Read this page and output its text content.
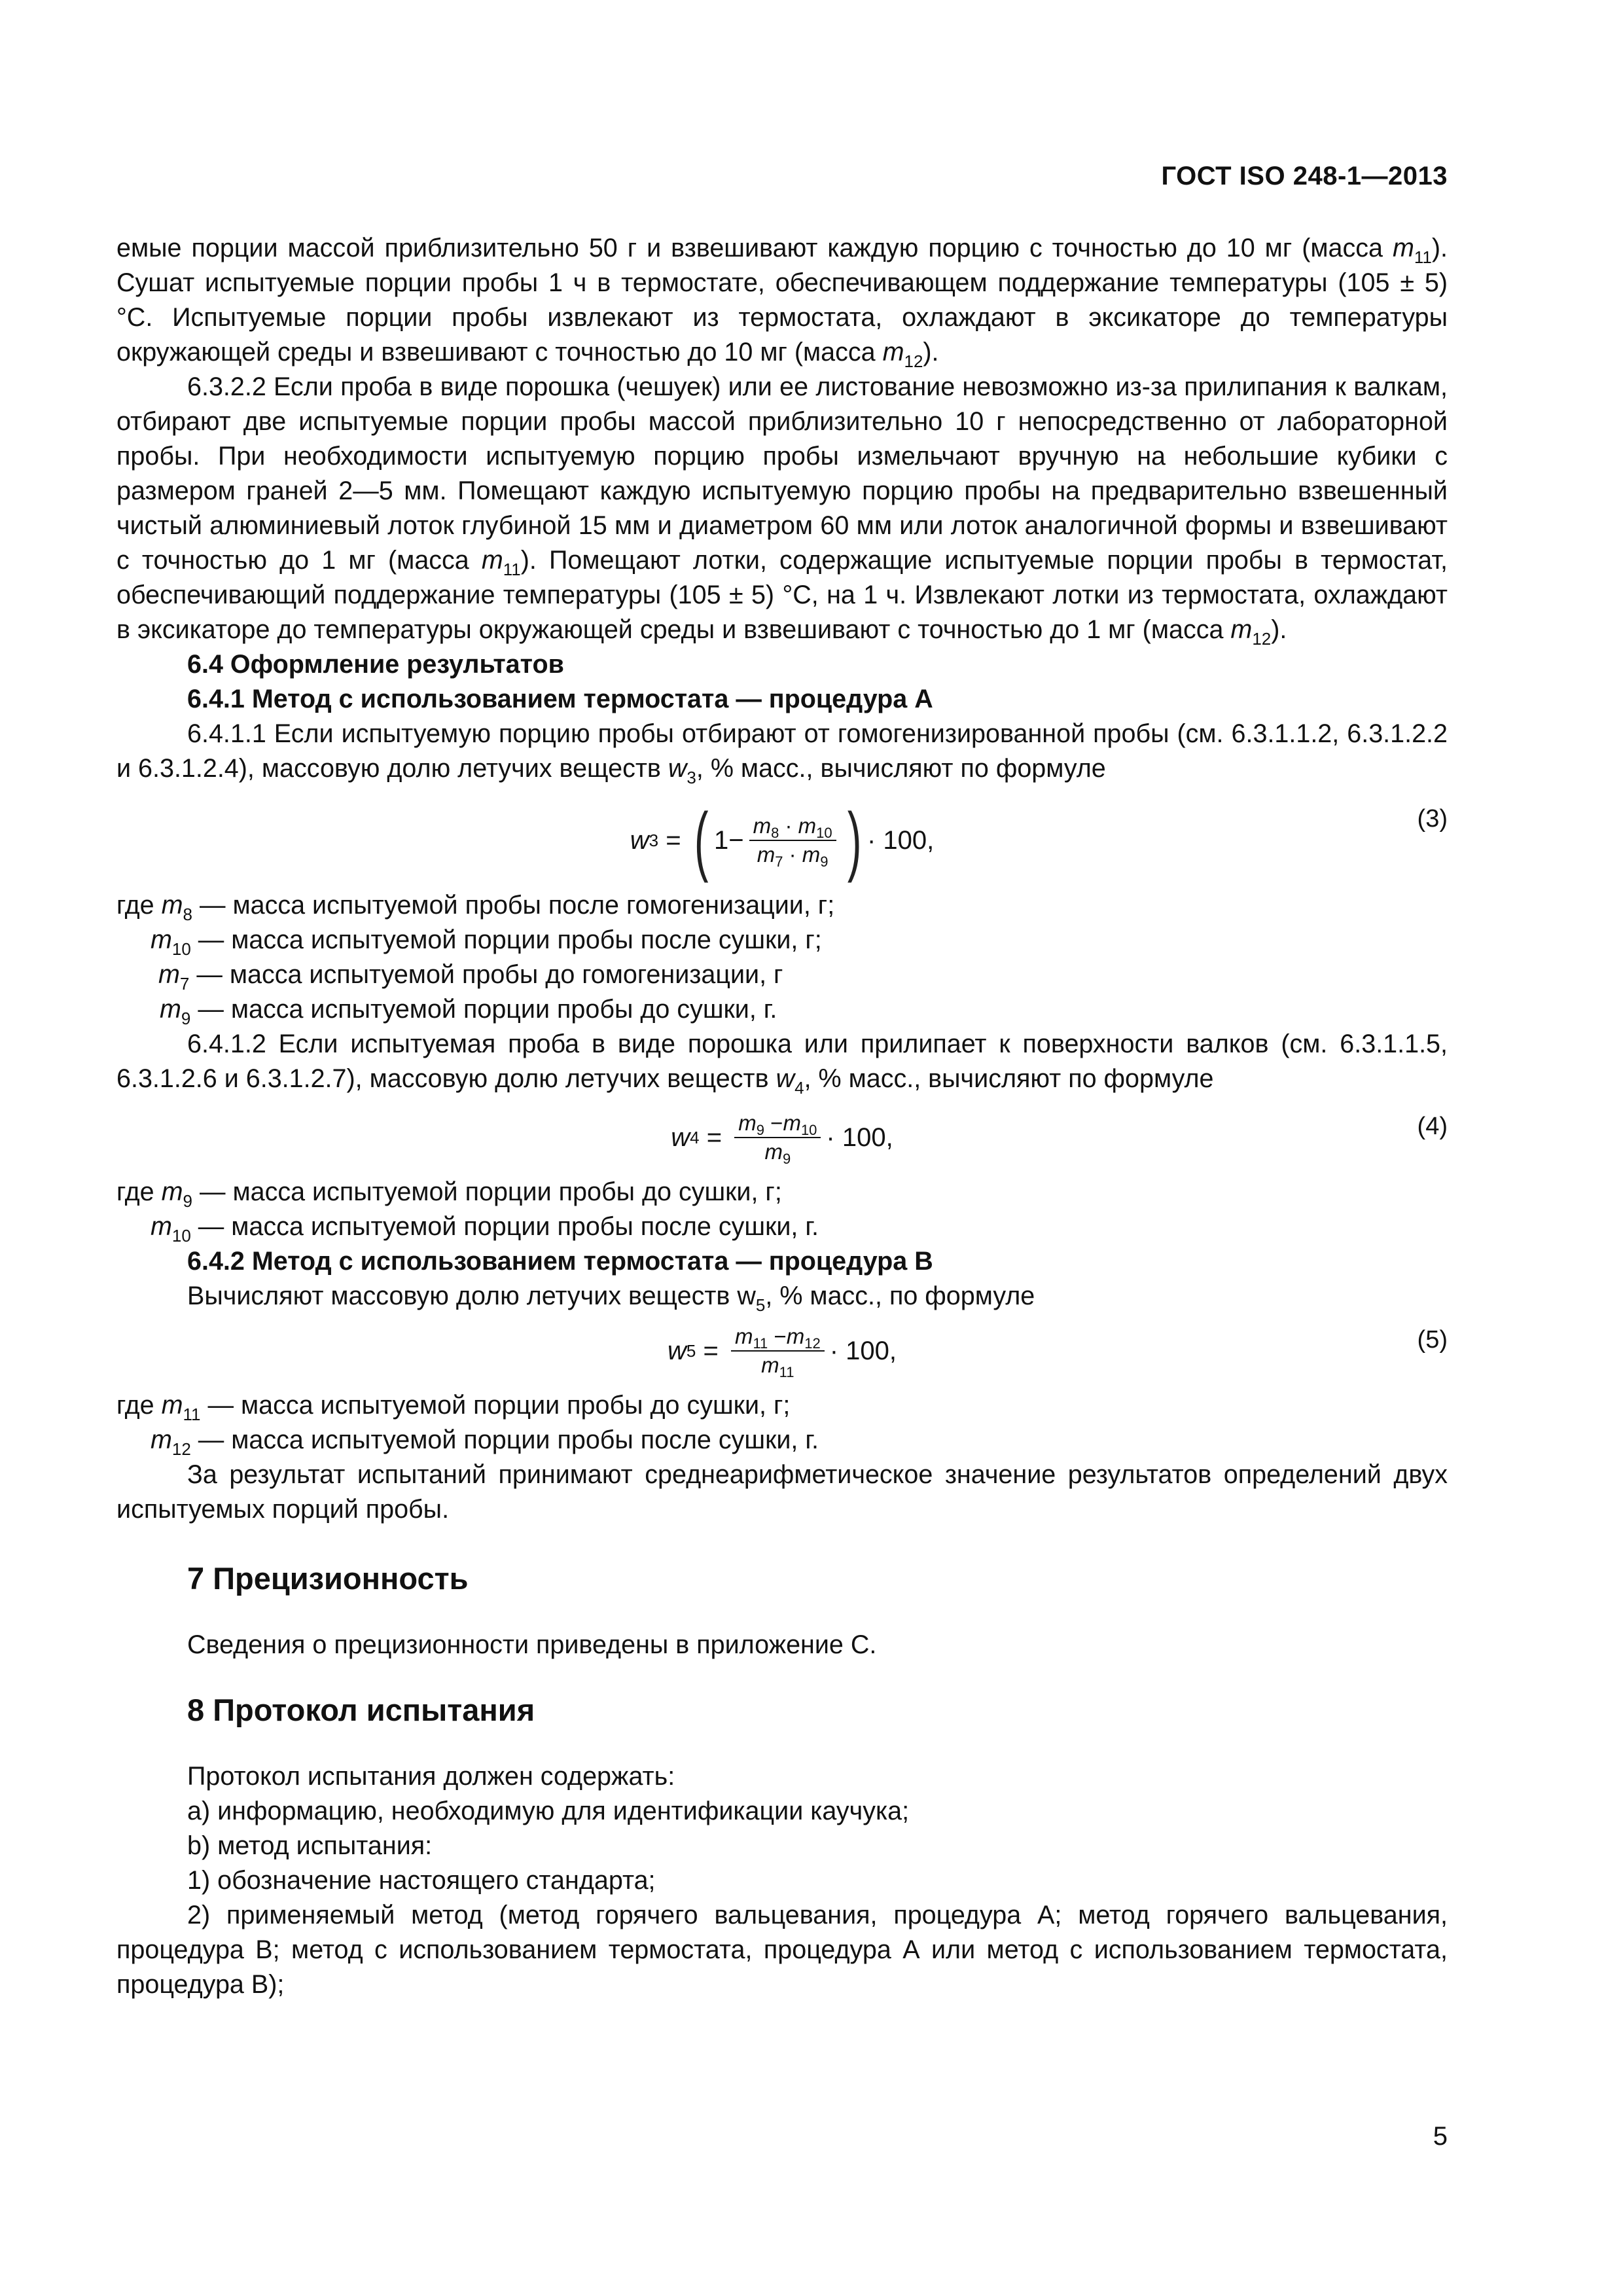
ГОСТ ISO 248-1—2013

емые порции массой приблизительно 50 г и взвешивают каждую порцию с точностью до 10 мг (масса $m_{11}$). Сушат испытуемые порции пробы 1 ч в термостате, обеспечивающем поддержание температуры (105 ± 5) °С. Испытуемые порции пробы извлекают из термостата, охлаждают в эксикаторе до температуры окружающей среды и взвешивают с точностью до 10 мг (масса $m_{12}$).

6.3.2.2 Если проба в виде порошка (чешуек) или ее листование невозможно из-за прилипания к валкам, отбирают две испытуемые порции пробы массой приблизительно 10 г непосредственно от лабораторной пробы. При необходимости испытуемую порцию пробы измельчают вручную на небольшие кубики с размером граней 2—5 мм. Помещают каждую испытуемую порцию пробы на предварительно взвешенный чистый алюминиевый лоток глубиной 15 мм и диаметром 60 мм или лоток аналогичной формы и взвешивают с точностью до 1 мг (масса $m_{11}$). Помещают лотки, содержащие испытуемые порции пробы в термостат, обеспечивающий поддержание температуры (105 ± 5) °С, на 1 ч. Извлекают лотки из термостата, охлаждают в эксикаторе до температуры окружающей среды и взвешивают с точностью до 1 мг (масса $m_{12}$).

6.4 Оформление результатов

6.4.1 Метод с использованием термостата — процедура А

6.4.1.1 Если испытуемую порцию пробы отбирают от гомогенизированной пробы (см. 6.3.1.1.2, 6.3.1.2.2 и 6.3.1.2.4), массовую долю летучих веществ $w_3$, % масс., вычисляют по формуле

w 3 = ( $1- \frac{m_8 \cdot m_{10}}{m_7 \cdot m_9}$ ) · 100,
(3)
где $m_8$ — масса испытуемой пробы после гомогенизации, г;
$m_{10}$ — масса испытуемой порции пробы после сушки, г;
$m_7$ — масса испытуемой пробы до гомогенизации, г
$m_9$ — масса испытуемой порции пробы до сушки, г.

6.4.1.2 Если испытуемая проба в виде порошка или прилипает к поверхности валков (см. 6.3.1.1.5, 6.3.1.2.6 и 6.3.1.2.7), массовую долю летучих веществ $w_4$, % масс., вычисляют по формуле

w $4 = \frac{m_9 -m_{10}}{m_9} \cdot 100$,	(4)
где $m_9$ — масса испытуемой порции пробы до сушки, г;
$m_{10}$ — масса испытуемой порции пробы после сушки, г.

6.4.2 Метод с использованием термостата — процедура В

Вычисляют массовую долю летучих веществ $w_5$, % масс., по формуле

w $5 = \frac{m_{11} -m_{12}}{m_{11}} \cdot 100$,	(5)
где $m_{11}$ — масса испытуемой порции пробы до сушки, г;
$m_{12}$ — масса испытуемой порции пробы после сушки, г.

За результат испытаний принимают среднеарифметическое значение результатов определений двух испытуемых порций пробы.

7 Прецизионность

Сведения о прецизионности приведены в приложение С.

8 Протокол испытания

Протокол испытания должен содержать:

a) информацию, необходимую для идентификации каучука;

b) метод испытания:

1) обозначение настоящего стандарта;

2) применяемый метод (метод горячего вальцевания, процедура А; метод горячего вальцевания, процедура В; метод с использованием термостата, процедура А или метод с использованием термостата, процедура В);

5
